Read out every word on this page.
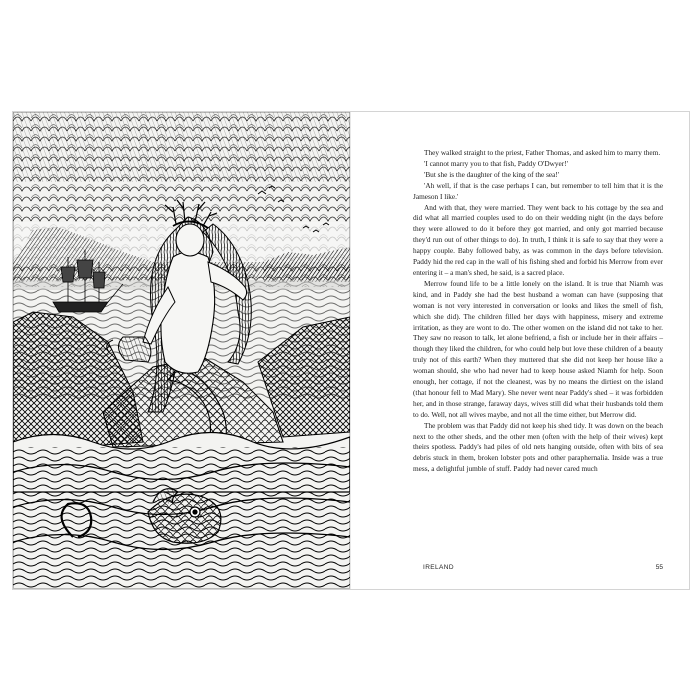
They walked straight to the priest, Father Thomas, and asked him to marry them.

'I cannot marry you to that fish, Paddy O'Dwyer!'

'But she is the daughter of the king of the sea!'

'Ah well, if that is the case perhaps I can, but remember to tell him that it is the Jameson I like.'

And with that, they were married. They went back to his cottage by the sea and did what all married couples used to do on their wedding night (in the days before they were allowed to do it before they got married, and only got married because they'd run out of other things to do). In truth, I think it is safe to say that they were a happy couple. Baby followed baby, as was common in the days before television. Paddy hid the red cap in the wall of his fishing shed and forbid his Merrow from ever entering it – a man's shed, he said, is a sacred place.

Merrow found life to be a little lonely on the island. It is true that Niamh was kind, and in Paddy she had the best husband a woman can have (supposing that woman is not very interested in conversation or looks and likes the smell of fish, which she did). The children filled her days with happiness, misery and extreme irritation, as they are wont to do. The other women on the island did not take to her. They saw no reason to talk, let alone befriend, a fish or include her in their affairs – though they liked the children, for who could help but love these children of a beauty truly not of this earth? When they muttered that she did not keep her house like a woman should, she who had never had to keep house asked Niamh for help. Soon enough, her cottage, if not the cleanest, was by no means the dirtiest on the island (that honour fell to Mad Mary). She never went near Paddy's shed – it was forbidden her, and in those strange, faraway days, wives still did what their husbands told them to do. Well, not all wives maybe, and not all the time either, but Merrow did.

The problem was that Paddy did not keep his shed tidy. It was down on the beach next to the other sheds, and the other men (often with the help of their wives) kept theirs spotless. Paddy's had piles of old nets hanging outside, often with bits of sea debris stuck in them, broken lobster pots and other paraphernalia. Inside was a true mess, a delightful jumble of stuff. Paddy had never cared much

IRELAND	55
